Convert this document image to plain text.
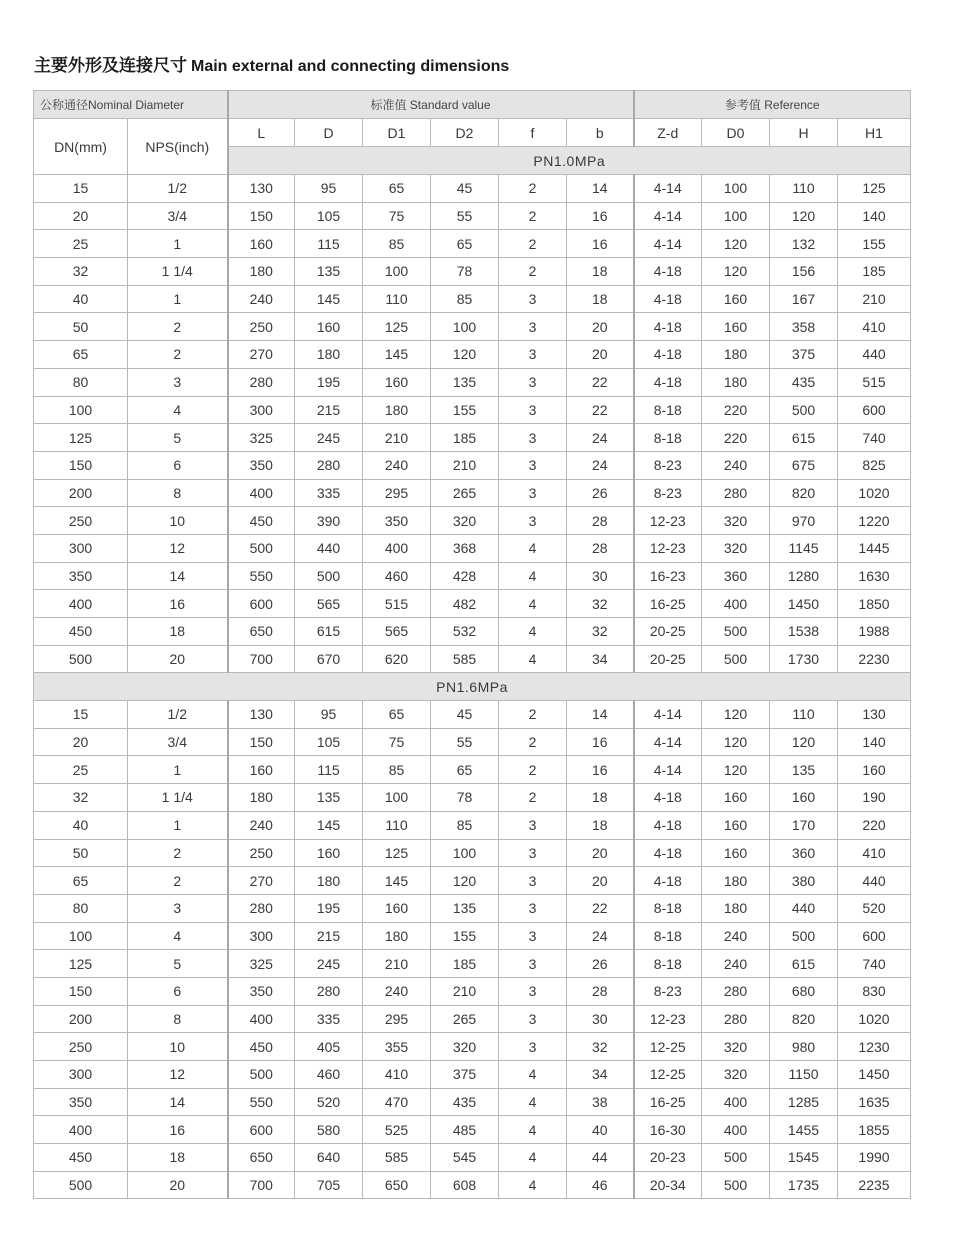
主要外形及连接尺寸 Main external and connecting dimensions
公称通径Nominal Diameter		标准值 Standard value						参考值 Reference			
DN(mm)	NPS(inch)	L	D	D1	D2	f	b	Z-d	D0	H	H1
		PN1.0MPa									
15	1/2	130	95	65	45	2	14	4-14	100	110	125
20	3/4	150	105	75	55	2	16	4-14	100	120	140
25	1	160	115	85	65	2	16	4-14	120	132	155
32	1 1/4	180	135	100	78	2	18	4-18	120	156	185
40	1	240	145	110	85	3	18	4-18	160	167	210
50	2	250	160	125	100	3	20	4-18	160	358	410
65	2	270	180	145	120	3	20	4-18	180	375	440
80	3	280	195	160	135	3	22	4-18	180	435	515
100	4	300	215	180	155	3	22	8-18	220	500	600
125	5	325	245	210	185	3	24	8-18	220	615	740
150	6	350	280	240	210	3	24	8-23	240	675	825
200	8	400	335	295	265	3	26	8-23	280	820	1020
250	10	450	390	350	320	3	28	12-23	320	970	1220
300	12	500	440	400	368	4	28	12-23	320	1145	1445
350	14	550	500	460	428	4	30	16-23	360	1280	1630
400	16	600	565	515	482	4	32	16-25	400	1450	1850
450	18	650	615	565	532	4	32	20-25	500	1538	1988
500	20	700	670	620	585	4	34	20-25	500	1730	2230
PN1.6MPa											
15	1/2	130	95	65	45	2	14	4-14	120	110	130
20	3/4	150	105	75	55	2	16	4-14	120	120	140
25	1	160	115	85	65	2	16	4-14	120	135	160
32	1 1/4	180	135	100	78	2	18	4-18	160	160	190
40	1	240	145	110	85	3	18	4-18	160	170	220
50	2	250	160	125	100	3	20	4-18	160	360	410
65	2	270	180	145	120	3	20	4-18	180	380	440
80	3	280	195	160	135	3	22	8-18	180	440	520
100	4	300	215	180	155	3	24	8-18	240	500	600
125	5	325	245	210	185	3	26	8-18	240	615	740
150	6	350	280	240	210	3	28	8-23	280	680	830
200	8	400	335	295	265	3	30	12-23	280	820	1020
250	10	450	405	355	320	3	32	12-25	320	980	1230
300	12	500	460	410	375	4	34	12-25	320	1150	1450
350	14	550	520	470	435	4	38	16-25	400	1285	1635
400	16	600	580	525	485	4	40	16-30	400	1455	1855
450	18	650	640	585	545	4	44	20-23	500	1545	1990
500	20	700	705	650	608	4	46	20-34	500	1735	2235
